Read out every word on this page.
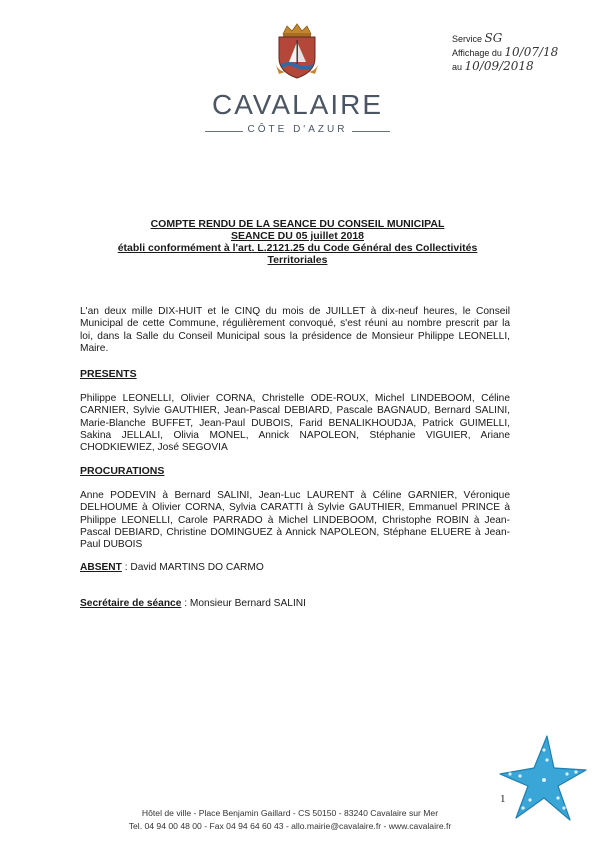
Service SG
Affichage du 10/07/18
au 10/09/2018
CAVALAIRE
CÔTE D'AZUR
COMPTE RENDU DE LA SEANCE DU CONSEIL MUNICIPAL
SEANCE DU 05 juillet 2018
établi conformément à l'art. L.2121.25 du Code Général des Collectivités
Territoriales
L'an deux mille DIX-HUIT et le CINQ du mois de JUILLET à dix-neuf heures, le Conseil Municipal de cette Commune, régulièrement convoqué, s'est réuni au nombre prescrit par la loi, dans la Salle du Conseil Municipal sous la présidence de Monsieur Philippe LEONELLI, Maire.
PRESENTS
Philippe LEONELLI, Olivier CORNA, Christelle ODE-ROUX, Michel LINDEBOOM, Céline CARNIER, Sylvie GAUTHIER, Jean-Pascal DEBIARD, Pascale BAGNAUD, Bernard SALINI, Marie-Blanche BUFFET, Jean-Paul DUBOIS, Farid BENALIKHOUDJA, Patrick GUIMELLI, Sakina JELLALI, Olivia MONEL, Annick NAPOLEON, Stéphanie VIGUIER, Ariane CHODKIEWIEZ, José SEGOVIA
PROCURATIONS
Anne PODEVIN à Bernard SALINI, Jean-Luc LAURENT à Céline GARNIER, Véronique DELHOUME à Olivier CORNA, Sylvia CARATTI à Sylvie GAUTHIER, Emmanuel PRINCE à Philippe LEONELLI, Carole PARRADO à Michel LINDEBOOM, Christophe ROBIN à Jean-Pascal DEBIARD, Christine DOMINGUEZ à Annick NAPOLEON, Stéphane ELUERE à Jean-Paul DUBOIS
ABSENT : David MARTINS DO CARMO
Secrétaire de séance : Monsieur Bernard SALINI
1
Hôtel de ville - Place Benjamin Gaillard - CS 50150 - 83240 Cavalaire sur Mer
Tel. 04 94 00 48 00 - Fax 04 94 64 60 43 - allo.mairie@cavalaire.fr - www.cavalaire.fr
